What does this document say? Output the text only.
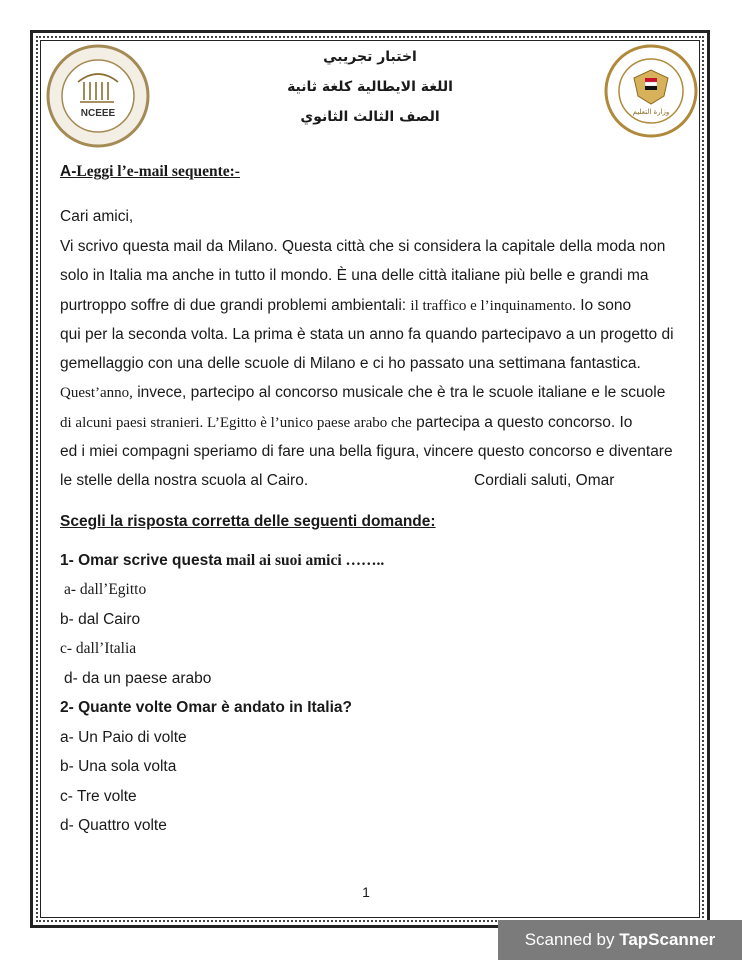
NCEEE	وزارة التعليم
اختبار تجريبي
اللغة الايطالية كلغة ثانية
الصف الثالث الثانوي

A-Leggi l’e-mail sequente:-

Cari amici,
Vi scrivo questa mail da Milano. Questa città che si considera la capitale della moda non
solo in Italia ma anche in tutto il mondo. È una delle città italiane più belle e grandi ma
purtroppo soffre di due grandi problemi ambientali: il traffico e l’inquinamento. Io sono
qui per la seconda volta. La prima è stata un anno fa quando partecipavo a un progetto di
gemellaggio con una delle scuole di Milano e ci ho passato una settimana fantastica.
Quest’anno, invece, partecipo al concorso musicale che è tra le scuole italiane e le scuole
di alcuni paesi stranieri. L’Egitto è l’unico paese arabo che partecipa a questo concorso. Io
ed i miei compagni speriamo di fare una bella figura, vincere questo concorso e diventare
le stelle della nostra scuola al Cairo.	Cordiali saluti, Omar
Scegli la risposta corretta delle seguenti domande:
1- Omar scrive questa mail ai suoi amici ……..
a- dall’Egitto
b- dal Cairo
c- dall’Italia
d- da un paese arabo
2- Quante volte Omar è andato in Italia?
a- Un Paio di volte
b- Una sola volta
c- Tre volte
d- Quattro volte
1
Scanned by TapScanner
